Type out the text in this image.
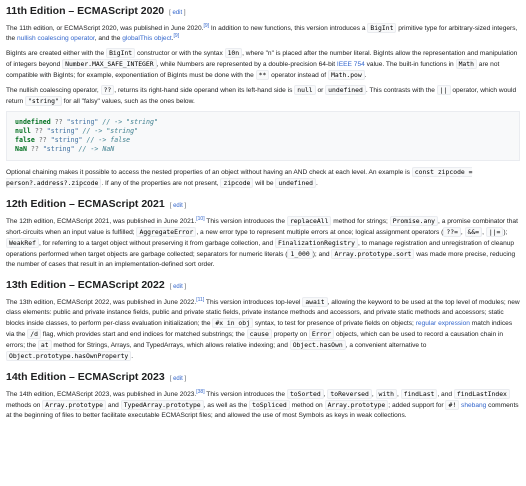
11th Edition – ECMAScript 2020 [ edit ]

The 11th edition, or ECMAScript 2020, was published in June 2020.[9] In addition to new functions, this version introduces a BigInt primitive type for arbitrary-sized integers, the nullish coalescing operator, and the globalThis object.[9]

BigInts are created either with the BigInt constructor or with the syntax 10n , where "n" is placed after the number literal. BigInts allow the representation and manipulation of integers beyond Number.MAX_SAFE_INTEGER , while Numbers are represented by a double-precision 64-bit IEEE 754 value. The built-in functions in Math are not compatible with BigInts; for example, exponentiation of BigInts must be done with the ** operator instead of Math.pow .

The nullish coalescing operator, ?? , returns its right-hand side operand when its left-hand side is null or undefined . This contrasts with the || operator, which would return "string" for all "falsy" values, such as the ones below.

undefined ?? "string" // -> "string"
null ?? "string" // -> "string"
false ?? "string" // -> false
NaN ?? "string" // -> NaN

Optional chaining makes it possible to access the nested properties of an object without having an AND check at each level. An example is const zipcode = person?.address?.zipcode . If any of the properties are not present, zipcode will be undefined .

12th Edition – ECMAScript 2021 [ edit ]

The 12th edition, ECMAScript 2021, was published in June 2021.[10] This version introduces the replaceAll method for strings; Promise.any , a promise combinator that short-circuits when an input value is fulfilled; AggregateError , a new error type to represent multiple errors at once; logical assignment operators ( ??= , &&= , ||= ); WeakRef , for referring to a target object without preserving it from garbage collection, and FinalizationRegistry , to manage registration and unregistration of cleanup operations performed when target objects are garbage collected; separators for numeric literals ( 1_000 ); and Array.prototype.sort was made more precise, reducing the number of cases that result in an implementation-defined sort order.

13th Edition – ECMAScript 2022 [ edit ]

The 13th edition, ECMAScript 2022, was published in June 2022.[11] This version introduces top-level await , allowing the keyword to be used at the top level of modules; new class elements: public and private instance fields, public and private static fields, private instance methods and accessors, and private static methods and accessors; static blocks inside classes, to perform per-class evaluation initialization; the #x in obj syntax, to test for presence of private fields on objects; regular expression match indices via the /d flag, which provides start and end indices for matched substrings; the cause property on Error objects, which can be used to record a causation chain in errors; the at method for Strings, Arrays, and TypedArrays, which allows relative indexing; and Object.hasOwn , a convenient alternative to Object.prototype.hasOwnProperty .

14th Edition – ECMAScript 2023 [ edit ]

The 14th edition, ECMAScript 2023, was published in June 2023.[38] This version introduces the toSorted , toReversed , with , findLast , and findLastIndex methods on Array.prototype and TypedArray.prototype , as well as the toSpliced method on Array.prototype ; added support for #! shebang comments at the beginning of files to better facilitate executable ECMAScript files; and allowed the use of most Symbols as keys in weak collections.
